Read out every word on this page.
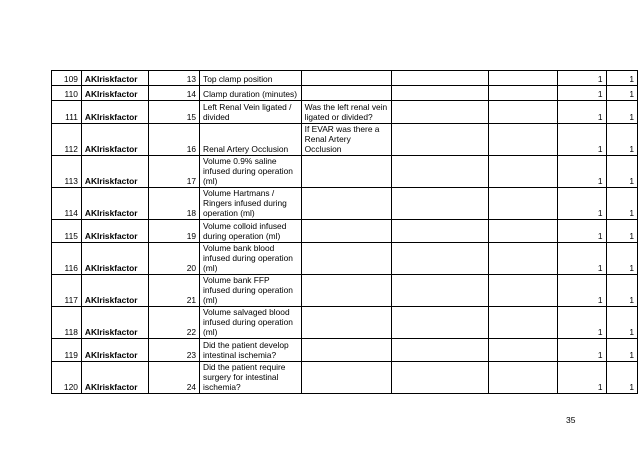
109	AKIriskfactor	13	Top clamp position				1	1
110	AKIriskfactor	14	Clamp duration (minutes)				1	1
111	AKIriskfactor	15	Left Renal Vein ligated / divided	Was the left renal vein ligated or divided?			1	1
112	AKIriskfactor	16	Renal Artery Occlusion	If EVAR was there a Renal Artery Occlusion			1	1
113	AKIriskfactor	17	Volume 0.9% saline infused during operation (ml)				1	1
114	AKIriskfactor	18	Volume Hartmans / Ringers infused during operation (ml)				1	1
115	AKIriskfactor	19	Volume colloid infused during operation (ml)				1	1
116	AKIriskfactor	20	Volume bank blood infused during operation (ml)				1	1
117	AKIriskfactor	21	Volume bank FFP infused during operation (ml)				1	1
118	AKIriskfactor	22	Volume salvaged blood infused during operation (ml)				1	1
119	AKIriskfactor	23	Did the patient develop intestinal ischemia?				1	1
120	AKIriskfactor	24	Did the patient require surgery for intestinal ischemia?				1	1
35
